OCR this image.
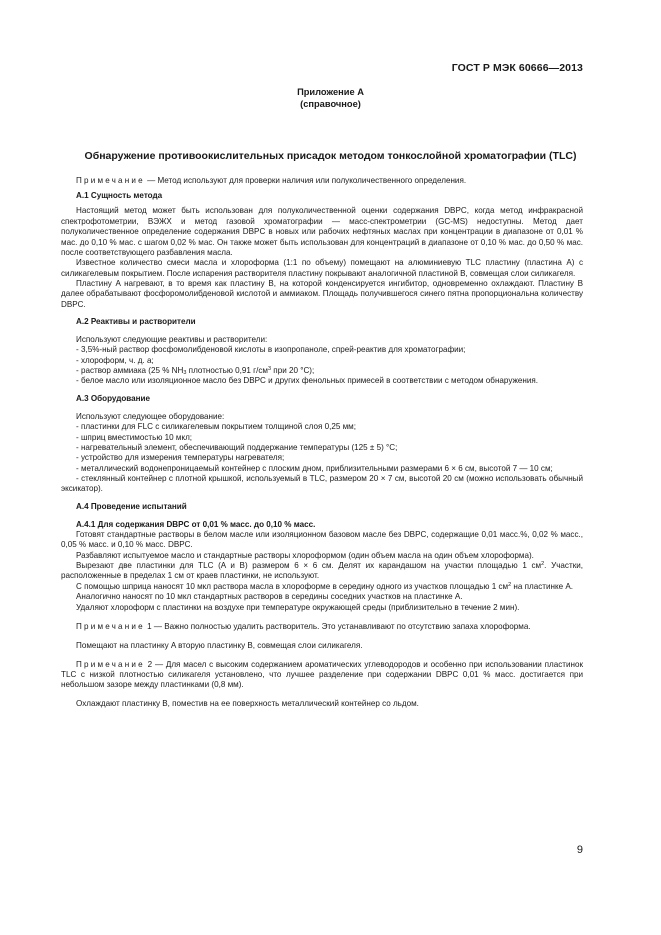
ГОСТ Р МЭК 60666—2013
Приложение А
(справочное)
Обнаружение противоокислительных присадок методом тонкослойной хроматографии (TLC)

Примечание — Метод используют для проверки наличия или полуколичественного определения.

А.1 Сущность метода

Настоящий метод может быть использован для полуколичественной оценки содержания DBPC, когда метод инфракрасной спектрофотометрии, ВЭЖХ и метод газовой хроматографии — масс-спектрометрии (GC-MS) недоступны. Метод дает полуколичественное определение содержания DBPC в новых или рабочих нефтяных маслах при концентрации в диапазоне от 0,01 % мас. до 0,10 % мас. с шагом 0,02 % мас. Он также может быть использован для концентраций в диапазоне от 0,10 % мас. до 0,50 % мас. после соответствующего разбавления масла.

Известное количество смеси масла и хлороформа (1:1 по объему) помещают на алюминиевую TLC пластину (пластина A) с силикагелевым покрытием. После испарения растворителя пластину покрывают аналогичной пластиной B, совмещая слои силикагеля.

Пластину A нагревают, в то время как пластину B, на которой конденсируется ингибитор, одновременно охлаждают. Пластину B далее обрабатывают фосфоромолибденовой кислотой и аммиаком. Площадь получившегося синего пятна пропорциональна количеству DBPC.

А.2 Реактивы и растворители

Используют следующие реактивы и растворители:

- 3,5%-ный раствор фосфомолибденовой кислоты в изопропаноле, спрей-реактив для хроматографии;

- хлороформ, ч. д. а;

- раствор аммиака (25 % $NH_3$ плотностью 0,91 $г/см^3$ при 20 °C);

- белое масло или изоляционное масло без DBPC и других фенольных примесей в соответствии с методом обнаружения.

А.3 Оборудование

Используют следующее оборудование:

- пластинки для FLC с силикагелевым покрытием толщиной слоя 0,25 мм;

- шприц вместимостью 10 мкл;

- нагревательный элемент, обеспечивающий поддержание температуры (125 ± 5) °C;

- устройство для измерения температуры нагревателя;

- металлический водонепроницаемый контейнер с плоским дном, приблизительными размерами 6 × 6 см, высотой 7 — 10 см;

- стеклянный контейнер с плотной крышкой, используемый в TLC, размером 20 × 7 см, высотой 20 см (можно использовать обычный эксикатор).

А.4 Проведение испытаний

А.4.1 Для содержания DBPC от 0,01 % масс. до 0,10 % масс.

Готовят стандартные растворы в белом масле или изоляционном базовом масле без DBPC, содержащие 0,01 масс.%, 0,02 % масс., 0,05 % масс. и 0,10 % масс. DBPC.

Разбавляют испытуемое масло и стандартные растворы хлороформом (один объем масла на один объем хлороформа).

Вырезают две пластинки для TLC (A и B) размером 6 × 6 см. Делят их карандашом на участки площадью 1 $см^2$. Участки, расположенные в пределах 1 см от краев пластинки, не используют.

С помощью шприца наносят 10 мкл раствора масла в хлороформе в середину одного из участков площадью 1 $см^2$ на пластинке A.

Аналогично наносят по 10 мкл стандартных растворов в середины соседних участков на пластинке A.

Удаляют хлороформ с пластинки на воздухе при температуре окружающей среды (приблизительно в течение 2 мин).

Примечание 1 — Важно полностью удалить растворитель. Это устанавливают по отсутствию запаха хлороформа.

Помещают на пластинку A вторую пластинку B, совмещая слои силикагеля.

Примечание 2 — Для масел с высоким содержанием ароматических углеводородов и особенно при использовании пластинок TLC с низкой плотностью силикагеля установлено, что лучшее разделение при содержании DBPC 0,01 % масс. достигается при небольшом зазоре между пластинками (0,8 мм).

Охлаждают пластинку B, поместив на ее поверхность металлический контейнер со льдом.

9
